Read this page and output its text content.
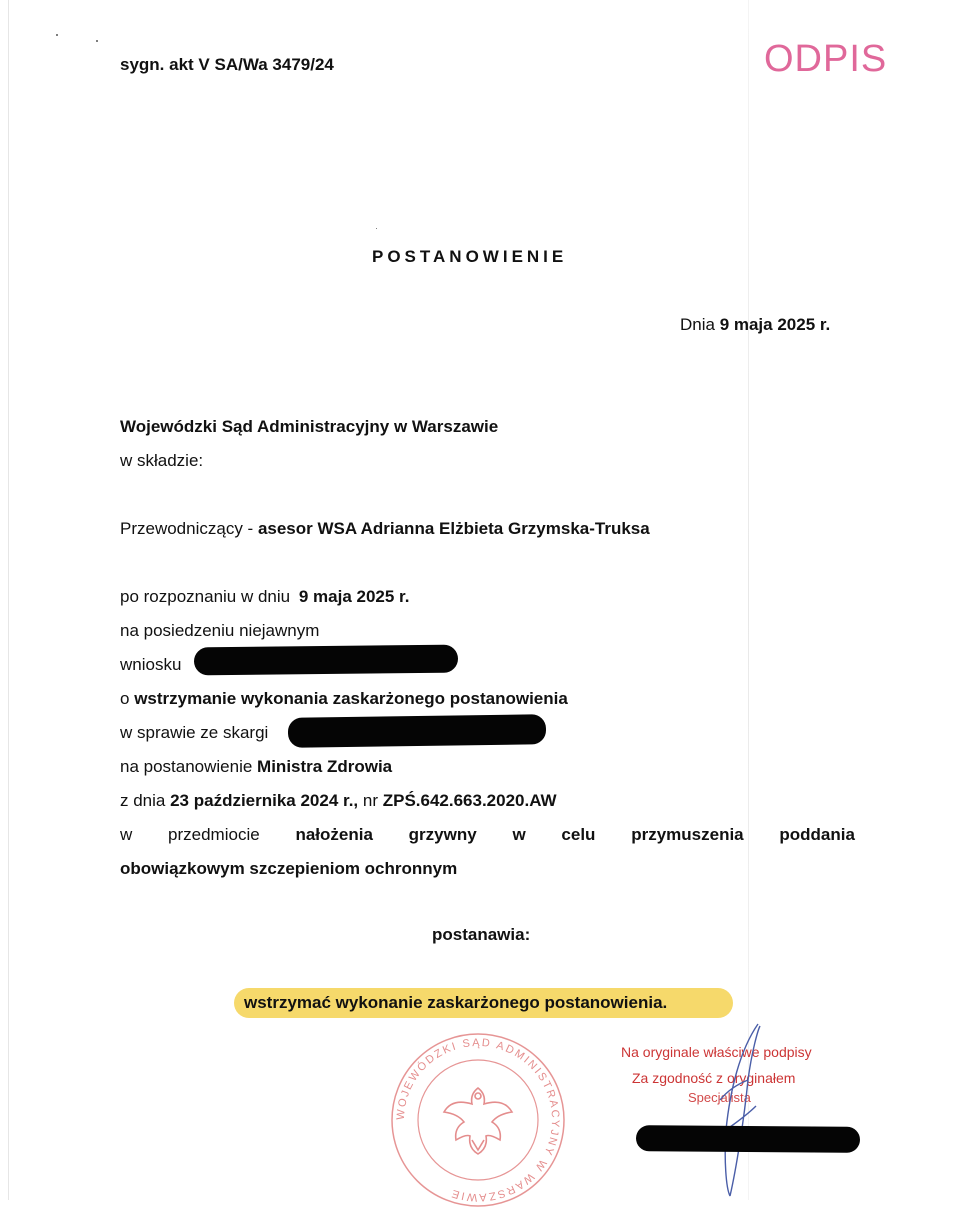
sygn. akt V SA/Wa 3479/24	ODPIS
POSTANOWIENIE
Dnia 9 maja 2025 r.
Wojewódzki Sąd Administracyjny w Warszawie
w składzie:
Przewodniczący - asesor WSA Adrianna Elżbieta Grzymska-Truksa
po rozpoznaniu w dniu 9 maja 2025 r.
na posiedzeniu niejawnym
wniosku
o wstrzymanie wykonania zaskarżonego postanowienia
w sprawie ze skargi
na postanowienie Ministra Zdrowia
z dnia 23 października 2024 r., nr ZPŚ.642.663.2020.AW
w przedmiocie nałożenia grzywny w celu przymuszenia poddania
obowiązkowym szczepieniom ochronnym
postanawia:
wstrzymać wykonanie zaskarżonego postanowienia.
WOJEWÓDZKI SĄD ADMINISTRACYJNY W WARSZAWIE
Na oryginale właściwe podpisy
Za zgodność z oryginałem
Specjalista
